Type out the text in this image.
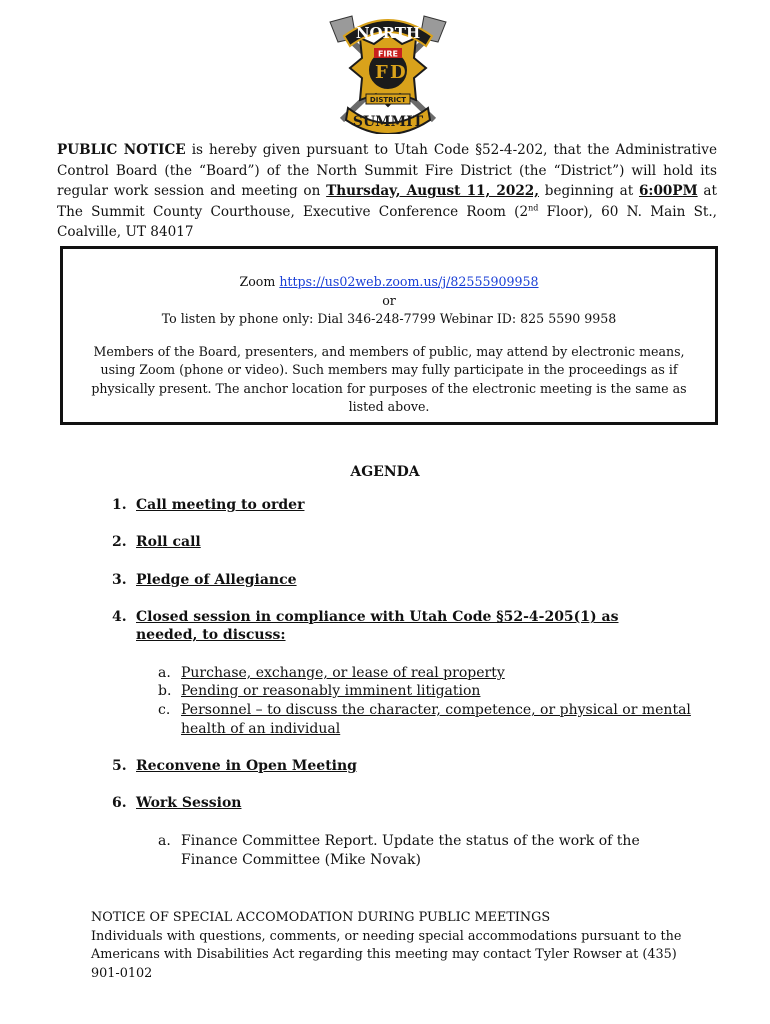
F D
NORTH
FIRE
DISTRICT
SUMMIT
PUBLIC NOTICE is hereby given pursuant to Utah Code §52-4-202, that the Administrative Control Board (the “Board”) of the North Summit Fire District (the “District”) will hold its regular work session and meeting on Thursday, August 11, 2022, beginning at 6:00PM at The Summit County Courthouse, Executive Conference Room (2nd Floor), 60 N. Main St., Coalville, UT 84017
Zoom https://us02web.zoom.us/j/82555909958
or
To listen by phone only: Dial 346-248-7799 Webinar ID: 825 5590 9958
Members of the Board, presenters, and members of public, may attend by electronic means, using Zoom (phone or video). Such members may fully participate in the proceedings as if physically present. The anchor location for purposes of the electronic meeting is the same as listed above.
AGENDA
1. Call meeting to order
2. Roll call
3. Pledge of Allegiance
4. Closed session in compliance with Utah Code §52-4-205(1) as needed, to discuss:
a. Purchase, exchange, or lease of real property
b. Pending or reasonably imminent litigation
c. Personnel – to discuss the character, competence, or physical or mental health of an individual
5. Reconvene in Open Meeting
6. Work Session
a. Finance Committee Report. Update the status of the work of the Finance Committee (Mike Novak)
NOTICE OF SPECIAL ACCOMODATION DURING PUBLIC MEETINGS
Individuals with questions, comments, or needing special accommodations pursuant to the Americans with Disabilities Act regarding this meeting may contact Tyler Rowser at (435) 901-0102
